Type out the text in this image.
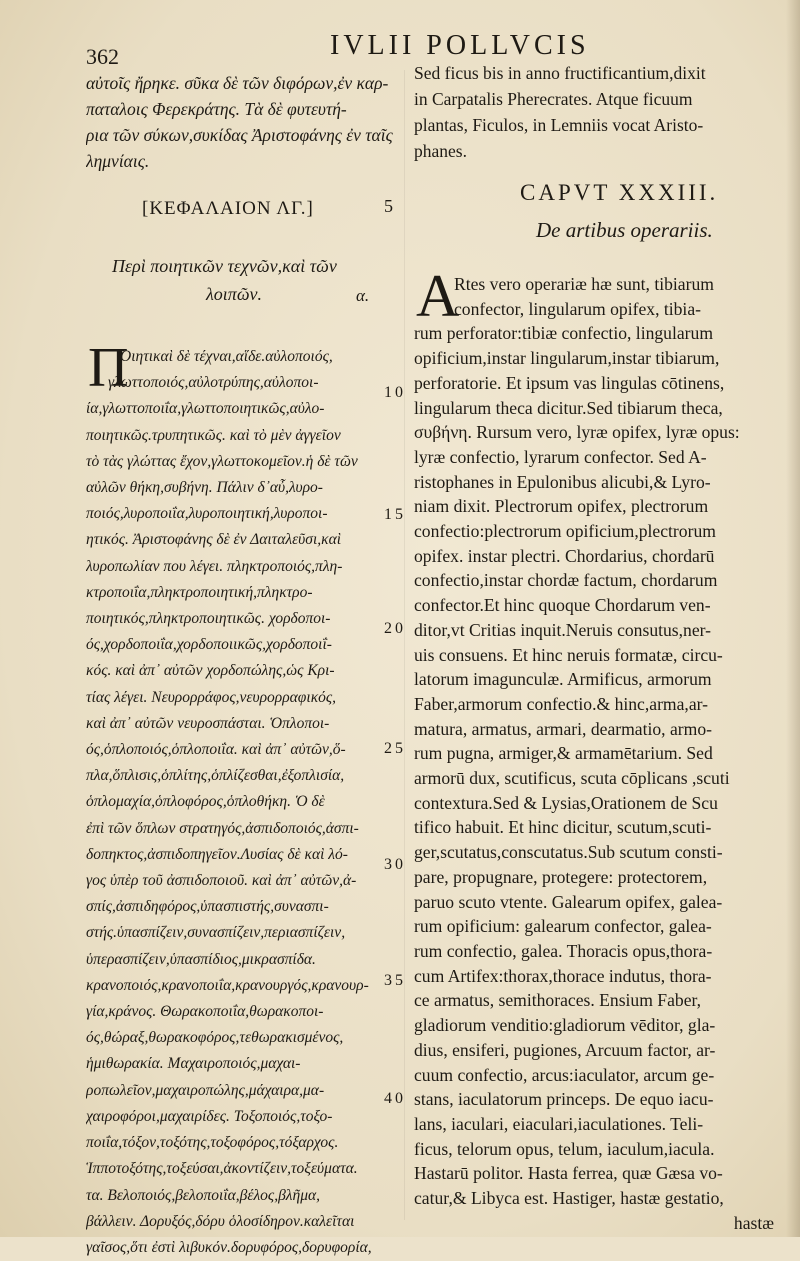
362	IVLII POLLVCIS
αὐτοῖς ἤρηκε. σῦκα δὲ τῶν διφόρων,ἐν καρ-
παταλοις Φερεκράτης. Τὰ δὲ φυτευτή-
ρια τῶν σύκων,συκίδας Ἀριστοφάνης ἐν ταῖς
λημνίαις.
Sed ficus bis in anno fructificantium,dixit
in Carpatalis Pherecrates. Atque ficuum
plantas, Ficulos, in Lemniis vocat Aristo-
phanes.
[ΚΕΦΑΛΑΙΟΝ ΛΓ.]	5
Περὶ ποιητικῶν τεχνῶν,καὶ τῶν
λοιπῶν.	α.
CAPVT XXXIII.
De artibus operariis.
Π
Οιητικαὶ δὲ τέχναι,αἵδε.αὐλοποιός,
γλωττοποιός,αὐλοτρύπης,αὐλοποι-
ία,γλωττοποιΐα,γλωττοποιητικῶς,αὐλο-
ποιητικῶς.τρυπητικῶς. καὶ τὸ μὲν ἀγγεῖον
τὸ τὰς γλώττας ἔχον,γλωττοκομεῖον.ἡ δὲ τῶν
αὐλῶν θήκη,συβήνη. Πάλιν δ᾽αὖ,λυρο-
ποιός,λυροποιΐα,λυροποιητική,λυροποι-
ητικός. Ἀριστοφάνης δὲ ἐν Δαιταλεῦσι,καὶ
λυροπωλίαν που λέγει. πληκτροποιός,πλη-
κτροποιΐα,πληκτροποιητική,πληκτρο-
ποιητικός,πληκτροποιητικῶς. χορδοποι-
ός,χορδοποιΐα,χορδοποιικῶς,χορδοποιΐ-
κός. καὶ ἀπ᾽ αὐτῶν χορδοπώλης,ὡς Κρι-
τίας λέγει. Νευρορράφος,νευρορραφικός,
καὶ ἀπ᾽ αὐτῶν νευροσπάσται. Ὁπλοποι-
ός,ὁπλοποιός,ὁπλοποιΐα. καὶ ἀπ᾽ αὐτῶν,ὅ-
πλα,ὅπλισις,ὁπλίτης,ὁπλίζεσθαι,ἐξοπλισία,
ὁπλομαχία,ὁπλοφόρος,ὁπλοθήκη. Ὁ δὲ
ἐπὶ τῶν ὅπλων στρατηγός,ἀσπιδοποιός,ἀσπι-
δοπηκτος,ἀσπιδοπηγεῖον.Λυσίας δὲ καὶ λό-
γος ὑπὲρ τοῦ ἀσπιδοποιοῦ. καὶ ἀπ᾽ αὐτῶν,ἀ-
σπίς,ἀσπιδηφόρος,ὑπασπιστής,συνασπι-
στής.ὑπασπίζειν,συνασπίζειν,περιασπίζειν,
ὑπερασπίζειν,ὑπασπίδιος,μικρασπίδα.
κρανοποιός,κρανοποιΐα,κρανουργός,κρανουρ-
γία,κράνος. Θωρακοποιΐα,θωρακοποι-
ός,θώραξ,θωρακοφόρος,τεθωρακισμένος,
ἡμιθωρακία. Μαχαιροποιός,μαχαι-
ροπωλεῖον,μαχαιροπώλης,μάχαιρα,μα-
χαιροφόροι,μαχαιρίδες. Τοξοποιός,τοξο-
ποιΐα,τόξον,τοξότης,τοξοφόρος,τόξαρχος.
Ἱπποτοξότης,τοξεύσαι,ἀκοντίζειν,τοξεύματα.
τα. Βελοποιός,βελοποιΐα,βέλος,βλῆμα,
βάλλειν. Δορυξός,δόρυ ὁλοσίδηρον.καλεῖται
γαῖσος,ὅτι ἐστὶ λιβυκόν.δορυφόρος,δορυφορία,
A
Rtes vero operariæ hæ sunt, tibiarum
confector, lingularum opifex, tibia-
rum perforator:tibiæ confectio, lingularum
opificium,instar lingularum,instar tibiarum,
perforatorie. Et ipsum vas lingulas cōtinens,
lingularum theca dicitur.Sed tibiarum theca,
συβήνη. Rursum vero, lyræ opifex, lyræ opus:
lyræ confectio, lyrarum confector. Sed A-
ristophanes in Epulonibus alicubi,& Lyro-
niam dixit. Plectrorum opifex, plectrorum
confectio:plectrorum opificium,plectrorum
opifex. instar plectri. Chordarius, chordarū
confectio,instar chordæ factum, chordarum
confector.Et hinc quoque Chordarum ven-
ditor,vt Critias inquit.Neruis consutus,ner-
uis consuens. Et hinc neruis formatæ, circu-
latorum imagunculæ. Armificus, armorum
Faber,armorum confectio.& hinc,arma,ar-
matura, armatus, armari, dearmatio, armo-
rum pugna, armiger,& armamētarium. Sed
armorū dux, scutificus, scuta cōplicans ,scuti
contextura.Sed & Lysias,Orationem de Scu
tifico habuit. Et hinc dicitur, scutum,scuti-
ger,scutatus,conscutatus.Sub scutum consti-
pare, propugnare, protegere: protectorem,
paruo scuto vtente. Galearum opifex, galea-
rum opificium: galearum confector, galea-
rum confectio, galea. Thoracis opus,thora-
cum Artifex:thorax,thorace indutus, thora-
ce armatus, semithoraces. Ensium Faber,
gladiorum venditio:gladiorum vēditor, gla-
dius, ensiferi, pugiones, Arcuum factor, ar-
cuum confectio, arcus:iaculator, arcum ge-
stans, iaculatorum princeps. De equo iacu-
lans, iaculari, eiaculari,iaculationes. Teli-
ficus, telorum opus, telum, iaculum,iacula.
Hastarū politor. Hasta ferrea, quæ Gæsa vo-
catur,& Libyca est. Hastiger, hastæ gestatio,
hastæ
10
15
20
25
30
35
40
